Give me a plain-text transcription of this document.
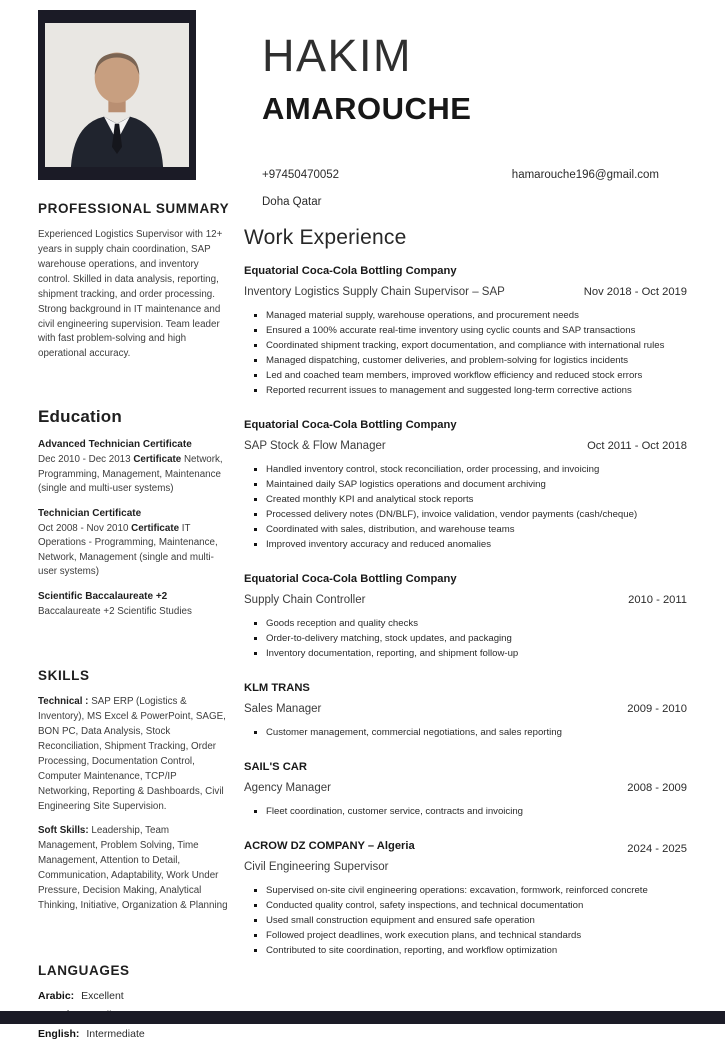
PROFESSIONAL SUMMARY

Experienced Logistics Supervisor with 12+ years in supply chain coordination, SAP warehouse operations, and inventory control. Skilled in data analysis, reporting, shipment tracking, and order processing. Strong background in IT maintenance and civil engineering supervision. Team leader with fast problem-solving and high operational accuracy.

Education
Advanced Technician Certificate

Dec 2010 - Dec 2013 Certificate Network, Programming, Management, Maintenance (single and multi-user systems)

Technician Certificate

Oct 2008 - Nov 2010 Certificate IT Operations - Programming, Maintenance, Network, Management (single and multi-user systems)

Scientific Baccalaureate +2

Baccalaureate +2 Scientific Studies

SKILLS

Technical : SAP ERP (Logistics & Inventory), MS Excel & PowerPoint, SAGE, BON PC, Data Analysis, Stock Reconciliation, Shipment Tracking, Order Processing, Documentation Control, Computer Maintenance, TCP/IP Networking, Reporting & Dashboards, Civil Engineering Site Supervision.

Soft Skills: Leadership, Team Management, Problem Solving, Time Management, Attention to Detail, Communication, Adaptability, Work Under Pressure, Decision Making, Analytical Thinking, Initiative, Organization & Planning

LANGUAGES
Arabic: Excellent
English: Intermediate
HAKIM
AMAROUCHE
+97450470052	hamarouche196@gmail.com
Doha Qatar
Work Experience
Equatorial Coca-Cola Bottling Company
Inventory Logistics Supply Chain Supervisor – SAP	Nov 2018 - Oct 2019
Managed material supply, warehouse operations, and procurement needs
Ensured a 100% accurate real-time inventory using cyclic counts and SAP transactions
Coordinated shipment tracking, export documentation, and compliance with international rules
Managed dispatching, customer deliveries, and problem-solving for logistics incidents
Led and coached team members, improved workflow efficiency and reduced stock errors
Reported recurrent issues to management and suggested long-term corrective actions
Equatorial Coca-Cola Bottling Company
SAP Stock & Flow Manager	Oct 2011 - Oct 2018
Handled inventory control, stock reconciliation, order processing, and invoicing
Maintained daily SAP logistics operations and document archiving
Created monthly KPI and analytical stock reports
Processed delivery notes (DN/BLF), invoice validation, vendor payments (cash/cheque)
Coordinated with sales, distribution, and warehouse teams
Improved inventory accuracy and reduced anomalies
Equatorial Coca-Cola Bottling Company
Supply Chain Controller	2010 - 2011
Goods reception and quality checks
Order-to-delivery matching, stock updates, and packaging
Inventory documentation, reporting, and shipment follow-up
KLM TRANS
Sales Manager	2009 - 2010
Customer management, commercial negotiations, and sales reporting
SAIL'S CAR
Agency Manager	2008 - 2009
Fleet coordination, customer service, contracts and invoicing
ACROW DZ COMPANY – Algeria
Civil Engineering Supervisor
2024 - 2025
Supervised on-site civil engineering operations: excavation, formwork, reinforced concrete
Conducted quality control, safety inspections, and technical documentation
Used small construction equipment and ensured safe operation
Followed project deadlines, work execution plans, and technical standards
Contributed to site coordination, reporting, and workflow optimization
